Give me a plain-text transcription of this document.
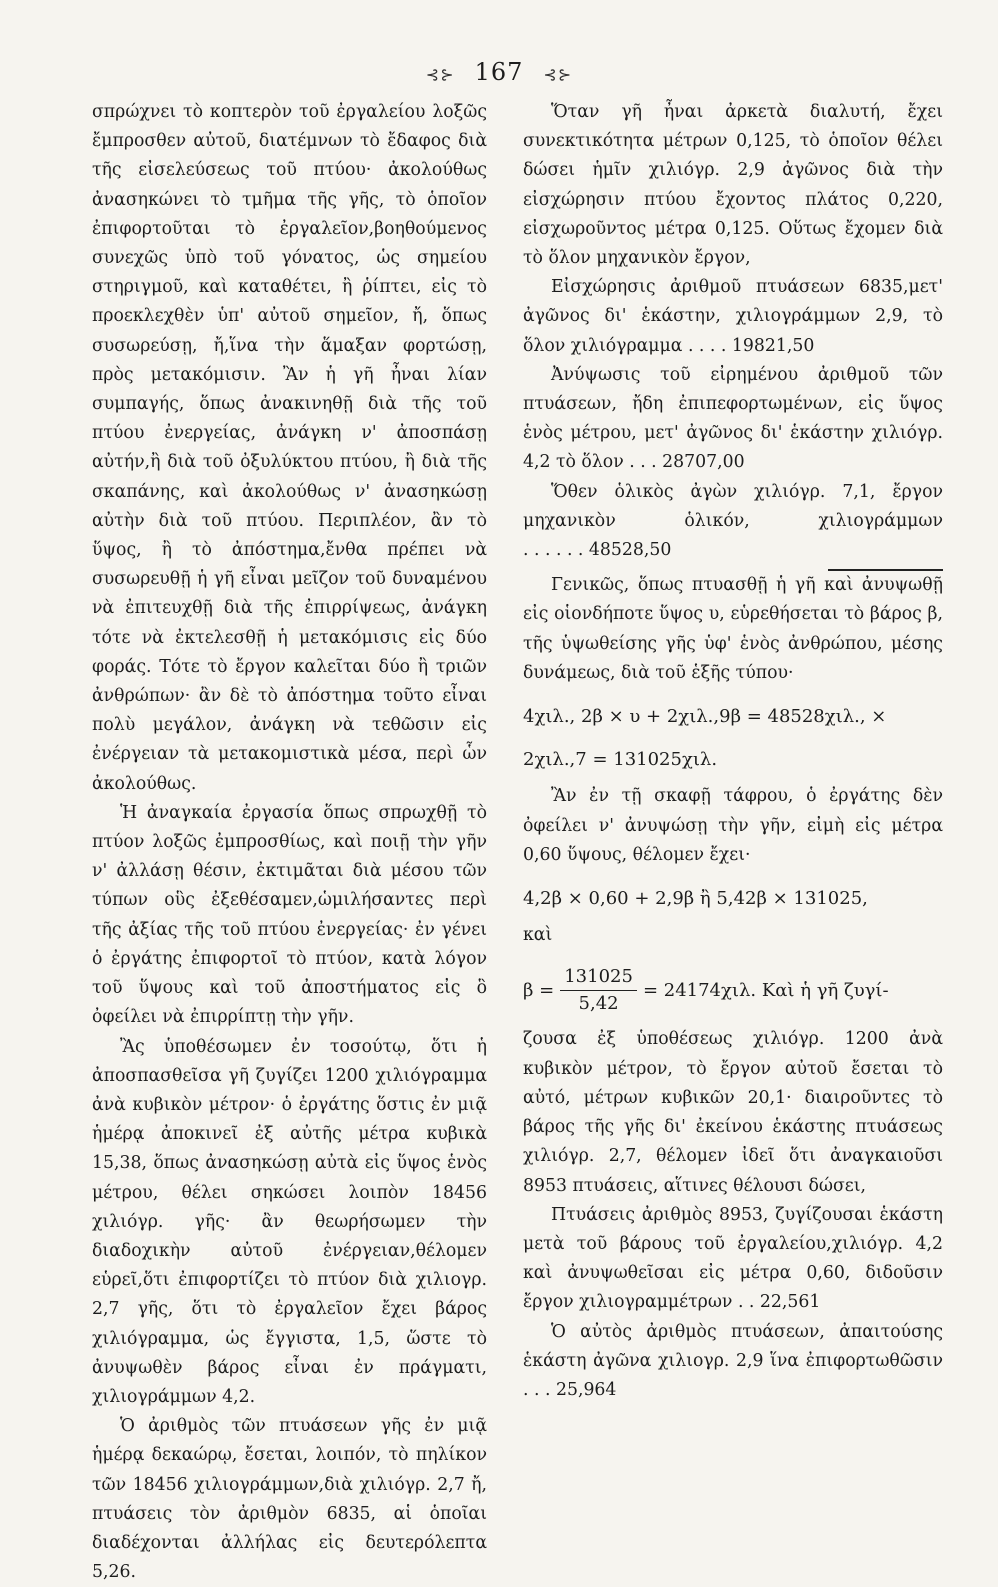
⊰⊱ 167 ⊰⊱

σπρώχνει τὸ κοπτερὸν τοῦ ἐργαλείου λοξῶς ἔμπροσθεν αὐτοῦ, διατέμνων τὸ ἔδαφος διὰ τῆς εἰσελεύσεως τοῦ πτύου· ἀκολούθως ἀνασηκώνει τὸ τμῆμα τῆς γῆς, τὸ ὁποῖον ἐπιφορτοῦται τὸ ἐργαλεῖον,βοηθούμενος συνεχῶς ὑπὸ τοῦ γόνατος, ὡς σημείου στηριγμοῦ, καὶ καταθέτει, ἢ ῥίπτει, εἰς τὸ προεκλεχθὲν ὑπ' αὐτοῦ σημεῖον, ἤ, ὅπως συσωρεύσῃ, ἤ,ἵνα τὴν ἅμαξαν φορτώσῃ, πρὸς μετακόμισιν. Ἂν ἡ γῆ ἦναι λίαν συμπαγής, ὅπως ἀνακινηθῇ διὰ τῆς τοῦ πτύου ἐνεργείας, ἀνάγκη ν' ἀποσπάσῃ αὐτήν,ἢ διὰ τοῦ ὀξυλύκτου πτύου, ἢ διὰ τῆς σκαπάνης, καὶ ἀκολούθως ν' ἀνασηκώσῃ αὐτὴν διὰ τοῦ πτύου. Περιπλέον, ἂν τὸ ὕψος, ἢ τὸ ἀπόστημα,ἔνθα πρέπει νὰ συσωρευθῇ ἡ γῆ εἶναι μεῖζον τοῦ δυναμένου νὰ ἐπιτευχθῇ διὰ τῆς ἐπιρρίψεως, ἀνάγκη τότε νὰ ἐκτελεσθῇ ἡ μετακόμισις εἰς δύο φοράς. Τότε τὸ ἔργον καλεῖται δύο ἢ τριῶν ἀνθρώπων· ἂν δὲ τὸ ἀπόστημα τοῦτο εἶναι πολὺ μεγάλον, ἀνάγκη νὰ τεθῶσιν εἰς ἐνέργειαν τὰ μετακομιστικὰ μέσα, περὶ ὧν ἀκολούθως.

Ἡ ἀναγκαία ἐργασία ὅπως σπρωχθῇ τὸ πτύον λοξῶς ἐμπροσθίως, καὶ ποιῇ τὴν γῆν ν' ἀλλάσῃ θέσιν, ἐκτιμᾶται διὰ μέσου τῶν τύπων οὓς ἐξεθέσαμεν,ὡμιλήσαντες περὶ τῆς ἀξίας τῆς τοῦ πτύου ἐνεργείας· ἐν γένει ὁ ἐργάτης ἐπιφορτοῖ τὸ πτύον, κατὰ λόγον τοῦ ὕψους καὶ τοῦ ἀποστήματος εἰς ὃ ὀφείλει νὰ ἐπιρρίπτῃ τὴν γῆν.

Ἂς ὑποθέσωμεν ἐν τοσούτῳ, ὅτι ἡ ἀποσπασθεῖσα γῆ ζυγίζει 1200 χιλιόγραμμα ἀνὰ κυβικὸν μέτρον· ὁ ἐργάτης ὅστις ἐν μιᾷ ἡμέρᾳ ἀποκινεῖ ἐξ αὐτῆς μέτρα κυβικὰ 15,38, ὅπως ἀνασηκώσῃ αὐτὰ εἰς ὕψος ἑνὸς μέτρου, θέλει σηκώσει λοιπὸν 18456 χιλιόγρ. γῆς· ἂν θεωρήσωμεν τὴν διαδοχικὴν αὐτοῦ ἐνέργειαν,θέλομεν εὑρεῖ,ὅτι ἐπιφορτίζει τὸ πτύον διὰ χιλιογρ. 2,7 γῆς, ὅτι τὸ ἐργαλεῖον ἔχει βάρος χιλιόγραμμα, ὡς ἔγγιστα, 1,5, ὥστε τὸ ἀνυψωθὲν βάρος εἶναι ἐν πράγματι, χιλιογράμμων 4,2.

Ὁ ἀριθμὸς τῶν πτυάσεων γῆς ἐν μιᾷ ἡμέρᾳ δεκαώρῳ, ἔσεται, λοιπόν, τὸ πηλίκον τῶν 18456 χιλιογράμμων,διὰ χιλιόγρ. 2,7 ἤ, πτυάσεις τὸν ἀριθμὸν 6835, αἱ ὁποῖαι διαδέχονται ἀλλήλας εἰς δευτερόλεπτα 5,26.

Ὅταν γῆ ἦναι ἀρκετὰ διαλυτή, ἔχει συνεκτικότητα μέτρων 0,125, τὸ ὁποῖον θέλει δώσει ἡμῖν χιλιόγρ. 2,9 ἀγῶνος διὰ τὴν εἰσχώρησιν πτύου ἔχοντος πλάτος 0,220, εἰσχωροῦντος μέτρα 0,125. Οὕτως ἔχομεν διὰ τὸ ὅλον μηχανικὸν ἔργον,

Εἰσχώρησις ἀριθμοῦ πτυάσεων 6835,μετ' ἀγῶνος δι' ἑκάστην, χιλιογράμμων 2,9, τὸ ὅλον χιλιόγραμμα . . . . 19821,50

Ἀνύψωσις τοῦ εἰρημένου ἀριθμοῦ τῶν πτυάσεων, ἤδη ἐπιπεφορτωμένων, εἰς ὕψος ἑνὸς μέτρου, μετ' ἀγῶνος δι' ἑκάστην χιλιόγρ. 4,2 τὸ ὅλον . . . 28707,00

Ὅθεν ὁλικὸς ἀγὼν χιλιόγρ. 7,1, ἔργον μηχανικὸν ὁλικόν, χιλιογράμμων . . . . . . 48528,50

Γενικῶς, ὅπως πτυασθῇ ἡ γῆ καὶ ἀνυψωθῇ εἰς οἱονδήποτε ὕψος υ, εὑρεθήσεται τὸ βάρος β, τῆς ὑψωθείσης γῆς ὑφ' ἑνὸς ἀνθρώπου, μέσης δυνάμεως, διὰ τοῦ ἑξῆς τύπου·

4χιλ., 2β × υ + 2χιλ.,9β = 48528χιλ., ×
2χιλ.,7 = 131025χιλ.

Ἂν ἐν τῇ σκαφῇ τάφρου, ὁ ἐργάτης δὲν ὀφείλει ν' ἀνυψώσῃ τὴν γῆν, εἰμὴ εἰς μέτρα 0,60 ὕψους, θέλομεν ἔχει·

4,2β × 0,60 + 2,9β ἢ 5,42β × 131025,
καὶ
$\beta = \frac{131025}{5,42} = 24174\chi\iota\lambda$. Καὶ ἡ γῆ ζυγί-

ζουσα ἐξ ὑποθέσεως χιλιόγρ. 1200 ἀνὰ κυβικὸν μέτρον, τὸ ἔργον αὐτοῦ ἔσεται τὸ αὐτό, μέτρων κυβικῶν 20,1· διαιροῦντες τὸ βάρος τῆς γῆς δι' ἐκείνου ἑκάστης πτυάσεως χιλιόγρ. 2,7, θέλομεν ἰδεῖ ὅτι ἀναγκαιοῦσι 8953 πτυάσεις, αἵτινες θέλουσι δώσει,

Πτυάσεις ἀριθμὸς 8953, ζυγίζουσαι ἑκάστη μετὰ τοῦ βάρους τοῦ ἐργαλείου,χιλιόγρ. 4,2 καὶ ἀνυψωθεῖσαι εἰς μέτρα 0,60, διδοῦσιν ἔργον χιλιογραμμέτρων . . 22,561

Ὁ αὐτὸς ἀριθμὸς πτυάσεων, ἀπαιτούσης ἑκάστη ἀγῶνα χιλιογρ. 2,9 ἵνα ἐπιφορτωθῶσιν . . . 25,964
